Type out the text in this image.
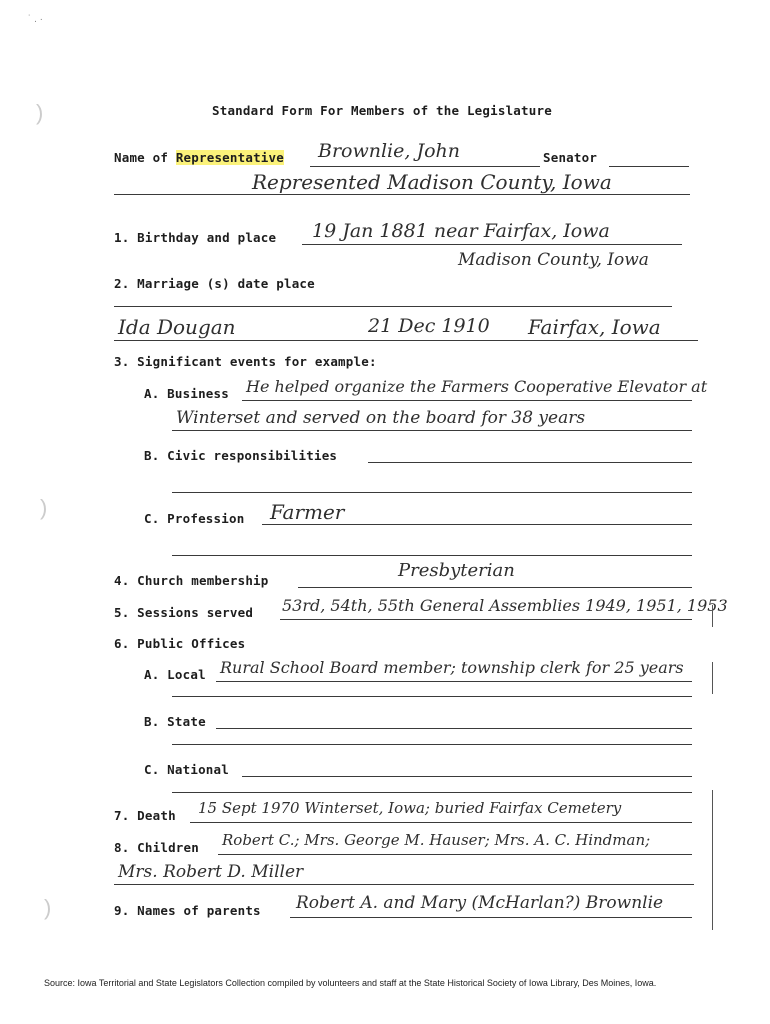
˙ . ·
)
)
)
Standard Form For Members of the Legislature
Name of Representative Brownlie, John	Senator
Represented Madison County, Iowa
1. Birthday and place 19 Jan 1881 near Fairfax, Iowa
Madison County, Iowa
2. Marriage (s) date place
Ida Dougan	21 Dec 1910 Fairfax, Iowa
3. Significant events for example:
A. Business He helped organize the Farmers Cooperative Elevator at
Winterset and served on the board for 38 years
B. Civic responsibilities
C. Profession Farmer
4. Church membership	Presbyterian
5. Sessions served 53rd, 54th, 55th General Assemblies 1949, 1951, 1953
6. Public Offices
A. Local Rural School Board member; township clerk for 25 years
B. State
C. National
7. Death 15 Sept 1970 Winterset, Iowa; buried Fairfax Cemetery
8. Children Robert C.; Mrs. George M. Hauser; Mrs. A. C. Hindman;
Mrs. Robert D. Miller
9. Names of parents Robert A. and Mary (McHarlan?) Brownlie
Source: Iowa Territorial and State Legislators Collection compiled by volunteers and staff at the State Historical Society of Iowa Library, Des Moines, Iowa.
